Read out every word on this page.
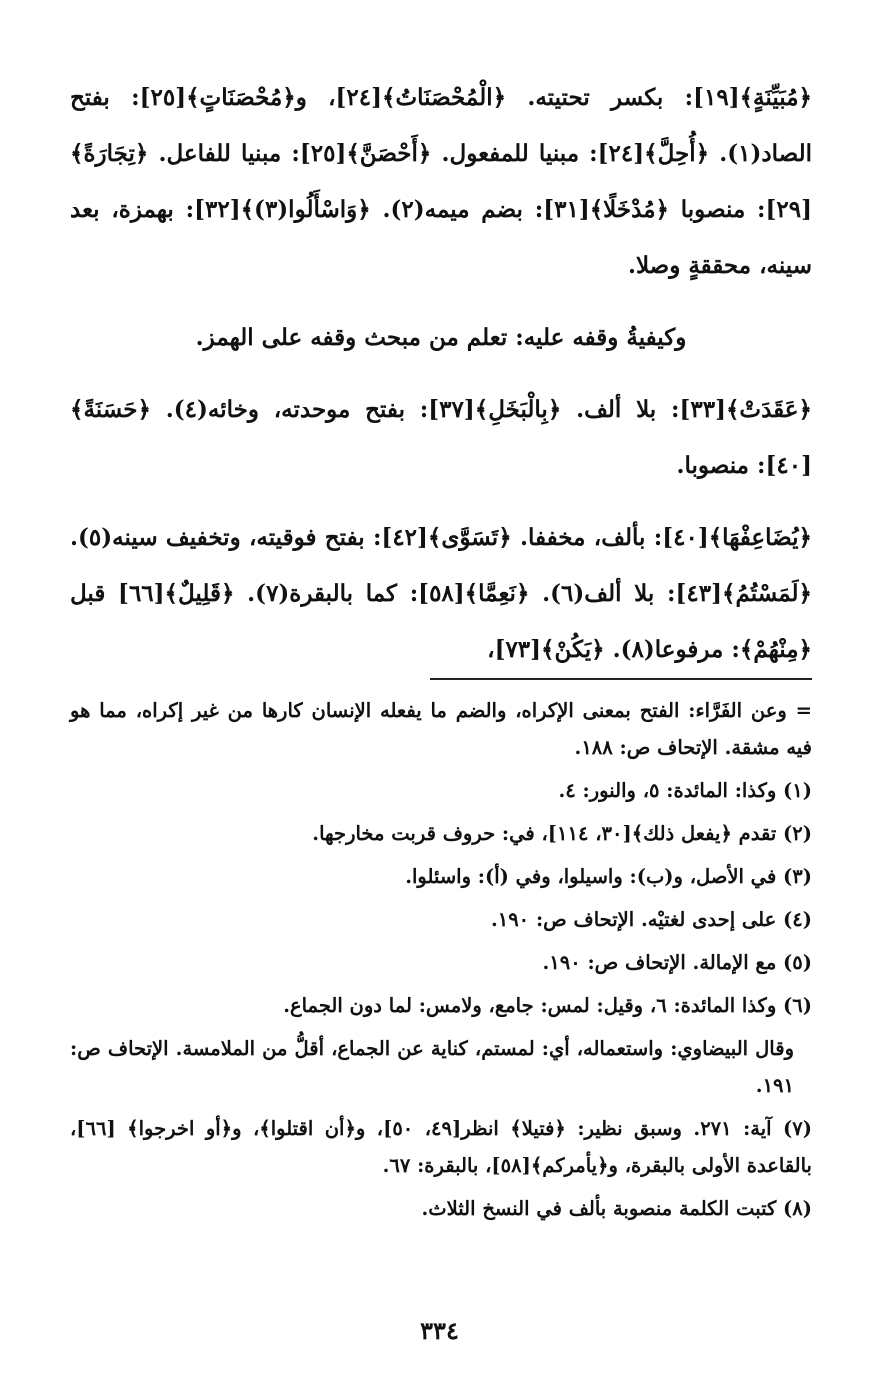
﴿مُبَيِّنَةٍ﴾[١٩]: بكسر تحتيته. ﴿الْمُحْصَنَاتُ﴾[٢٤]، و﴿مُحْصَنَاتٍ﴾[٢٥]: بفتح الصاد(١). ﴿أُحِلَّ﴾[٢٤]: مبنيا للمفعول. ﴿أَحْصَنَّ﴾[٢٥]: مبنيا للفاعل. ﴿تِجَارَةً﴾[٢٩]: منصوبا ﴿مُدْخَلًا﴾[٣١]: بضم ميمه(٢). ﴿وَاسْأَلُوا(٣)﴾[٣٢]: بهمزة، بعد سينه، محققةٍ وصلا.

وكيفيةُ وقفه عليه: تعلم من مبحث وقفه على الهمز.

﴿عَقَدَتْ﴾[٣٣]: بلا ألف. ﴿بِالْبَخَلِ﴾[٣٧]: بفتح موحدته، وخائه(٤). ﴿حَسَنَةً﴾[٤٠]: منصوبا.

﴿يُضَاعِفْهَا﴾[٤٠]: بألف، مخففا. ﴿تَسَوَّى﴾[٤٢]: بفتح فوقيته، وتخفيف سينه(٥). ﴿لَمَسْتُمُ﴾[٤٣]: بلا ألف(٦). ﴿نَعِمَّا﴾[٥٨]: كما بالبقرة(٧). ﴿قَلِيلٌ﴾[٦٦] قبل ﴿مِنْهُمْ﴾: مرفوعا(٨). ﴿يَكُنْ﴾[٧٣]،

= وعن الفَرَّاء: الفتح بمعنى الإكراه، والضم ما يفعله الإنسان كارها من غير إكراه، مما هو فيه مشقة. الإتحاف ص: ١٨٨.

(١) وكذا: المائدة: ٥، والنور: ٤.

(٢) تقدم ﴿يفعل ذلك﴾[٣٠، ١١٤]، في: حروف قربت مخارجها.

(٣) في الأصل، و(ب): واسيلوا، وفي (أ): واسئلوا.

(٤) على إحدى لغتيْه. الإتحاف ص: ١٩٠.

(٥) مع الإمالة. الإتحاف ص: ١٩٠.

(٦) وكذا المائدة: ٦، وقيل: لمس: جامع، ولامس: لما دون الجماع.

وقال البيضاوي: واستعماله، أي: لمستم، كناية عن الجماع، أقلُّ من الملامسة. الإتحاف ص: ١٩١.

(٧) آية: ٢٧١. وسبق نظير: ﴿فتيلا﴾ انظر[٤٩، ٥٠]، و﴿أن اقتلوا﴾، و﴿أو اخرجوا﴾ [٦٦]، بالقاعدة الأولى بالبقرة، و﴿يأمركم﴾[٥٨]، بالبقرة: ٦٧.

(٨) كتبت الكلمة منصوبة بألف في النسخ الثلاث.

٣٣٤
